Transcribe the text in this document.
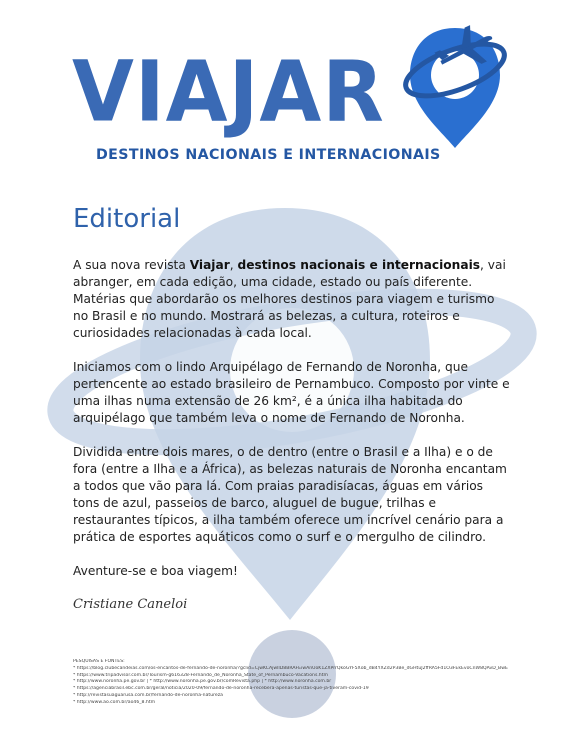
VIAJAR
DESTINOS NACIONAIS E INTERNACIONAIS
Editorial

A sua nova revista Viajar, destinos nacionais e internacionais, vai abranger, em cada edição, uma cidade, estado ou país diferente. Matérias que abordarão os melhores destinos para viagem e turismo no Brasil e no mundo. Mostrará as belezas, a cultura, roteiros e curiosidades relacionadas à cada local.

Iniciamos com o lindo Arquipélago de Fernando de Noronha, que pertencente ao estado brasileiro de Pernambuco. Composto por vinte e uma ilhas numa extensão de 26 km², é a única ilha habitada do arquipélago que também leva o nome de Fernando de Noronha.

Dividida entre dois mares, o de dentro (entre o Brasil e a Ilha) e o de fora (entre a Ilha e a África), as belezas naturais de Noronha encantam a todos que vão para lá. Com praias paradisíacas, águas em vários tons de azul, passeios de barco, aluguel de bugue, trilhas e restaurantes típicos, a ilha também oferece um incrível cenário para a prática de esportes aquáticos como o surf e o mergulho de cilindro.

Aventure-se e boa viagem!

Cristiane Caneloi
PESQUISAS E FONTES:
* https://blog.clubecandeias.com/os-encantos-de-fernando-de-noronha/?gclid=CjwKCAjwlID8BRAFEiwAnUoK1ZXPrrQkoGYF5Xob_dB4YXZd2P3Be_dGHtuJ2ffRA5Fd1O3FEkEvoCnW8QAvD_BwE
* https://www.tripadvisor.com.br/Tourism-g616328-Fernando_de_Noronha_State_of_Pernambuco-Vacations.htm
* http://www.noronha.pe.gov.br | * http://www.noronha.pe.gov.br/comRevista.php | * http://www.noronha.com.br
* https://agenciabrasil.ebc.com.br/geral/noticia/2020-09/fernando-de-noronha-recebera-apenas-turistas-que-ja-tiveram-covid-19
* http://revistasuaguarusa.com.br/fernando-de-noronha-natureza
* http://www.ao.com.br/ao46_8.htm
